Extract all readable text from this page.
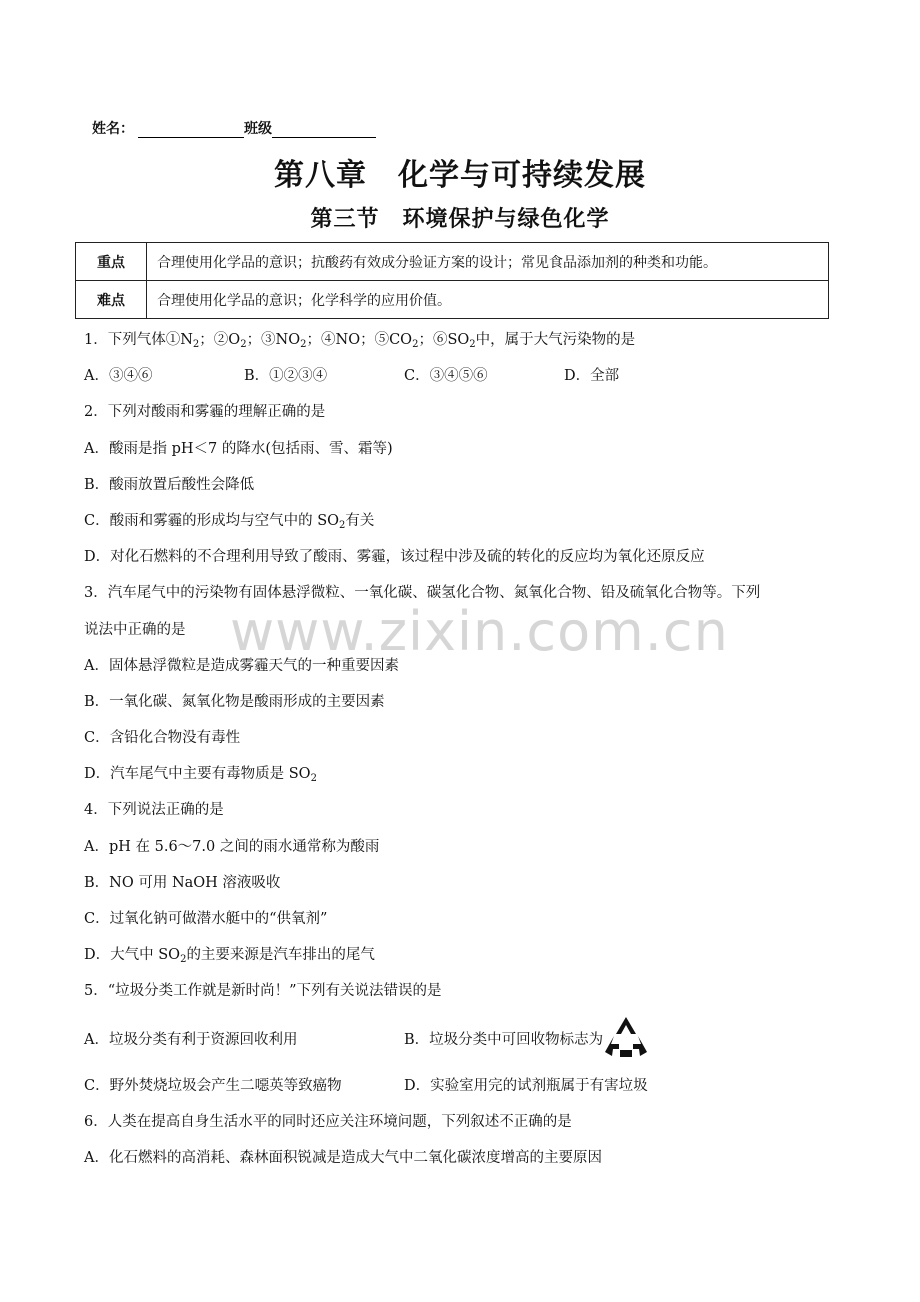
姓名：	班级
第八章　化学与可持续发展
第三节　环境保护与绿色化学
重点	合理使用化学品的意识；抗酸药有效成分验证方案的设计；常见食品添加剂的种类和功能。
难点	合理使用化学品的意识；化学科学的应用价值。
www.zixin.com.cn
1．下列气体$①N_2$；$②O_2$；$③NO_2$；④NO；$⑤CO_2$；$⑥SO_2$中，属于大气污染物的是
A．③④⑥	B．①②③④	C．③④⑤⑥	D．全部
2．下列对酸雨和雾霾的理解正确的是
A．酸雨是指 pH＜7 的降水(包括雨、雪、霜等)
B．酸雨放置后酸性会降低
C．酸雨和雾霾的形成均与空气中的 $SO_2$有关
D．对化石燃料的不合理利用导致了酸雨、雾霾，该过程中涉及硫的转化的反应均为氧化还原反应
3．汽车尾气中的污染物有固体悬浮微粒、一氧化碳、碳氢化合物、氮氧化合物、铅及硫氧化合物等。下列
说法中正确的是
A．固体悬浮微粒是造成雾霾天气的一种重要因素
B．一氧化碳、氮氧化物是酸雨形成的主要因素
C．含铅化合物没有毒性
D．汽车尾气中主要有毒物质是 $SO_2$
4．下列说法正确的是
A．pH 在 5.6～7.0 之间的雨水通常称为酸雨
B．NO 可用 NaOH 溶液吸收
C．过氧化钠可做潜水艇中的“供氧剂”
D．大气中 $SO_2$的主要来源是汽车排出的尾气
5．“垃圾分类工作就是新时尚！”下列有关说法错误的是
A．垃圾分类有利于资源回收利用	B．垃圾分类中可回收物标志为
C．野外焚烧垃圾会产生二噁英等致癌物	D．实验室用完的试剂瓶属于有害垃圾
6．人类在提高自身生活水平的同时还应关注环境问题，下列叙述不正确的是
A．化石燃料的高消耗、森林面积锐减是造成大气中二氧化碳浓度增高的主要原因
